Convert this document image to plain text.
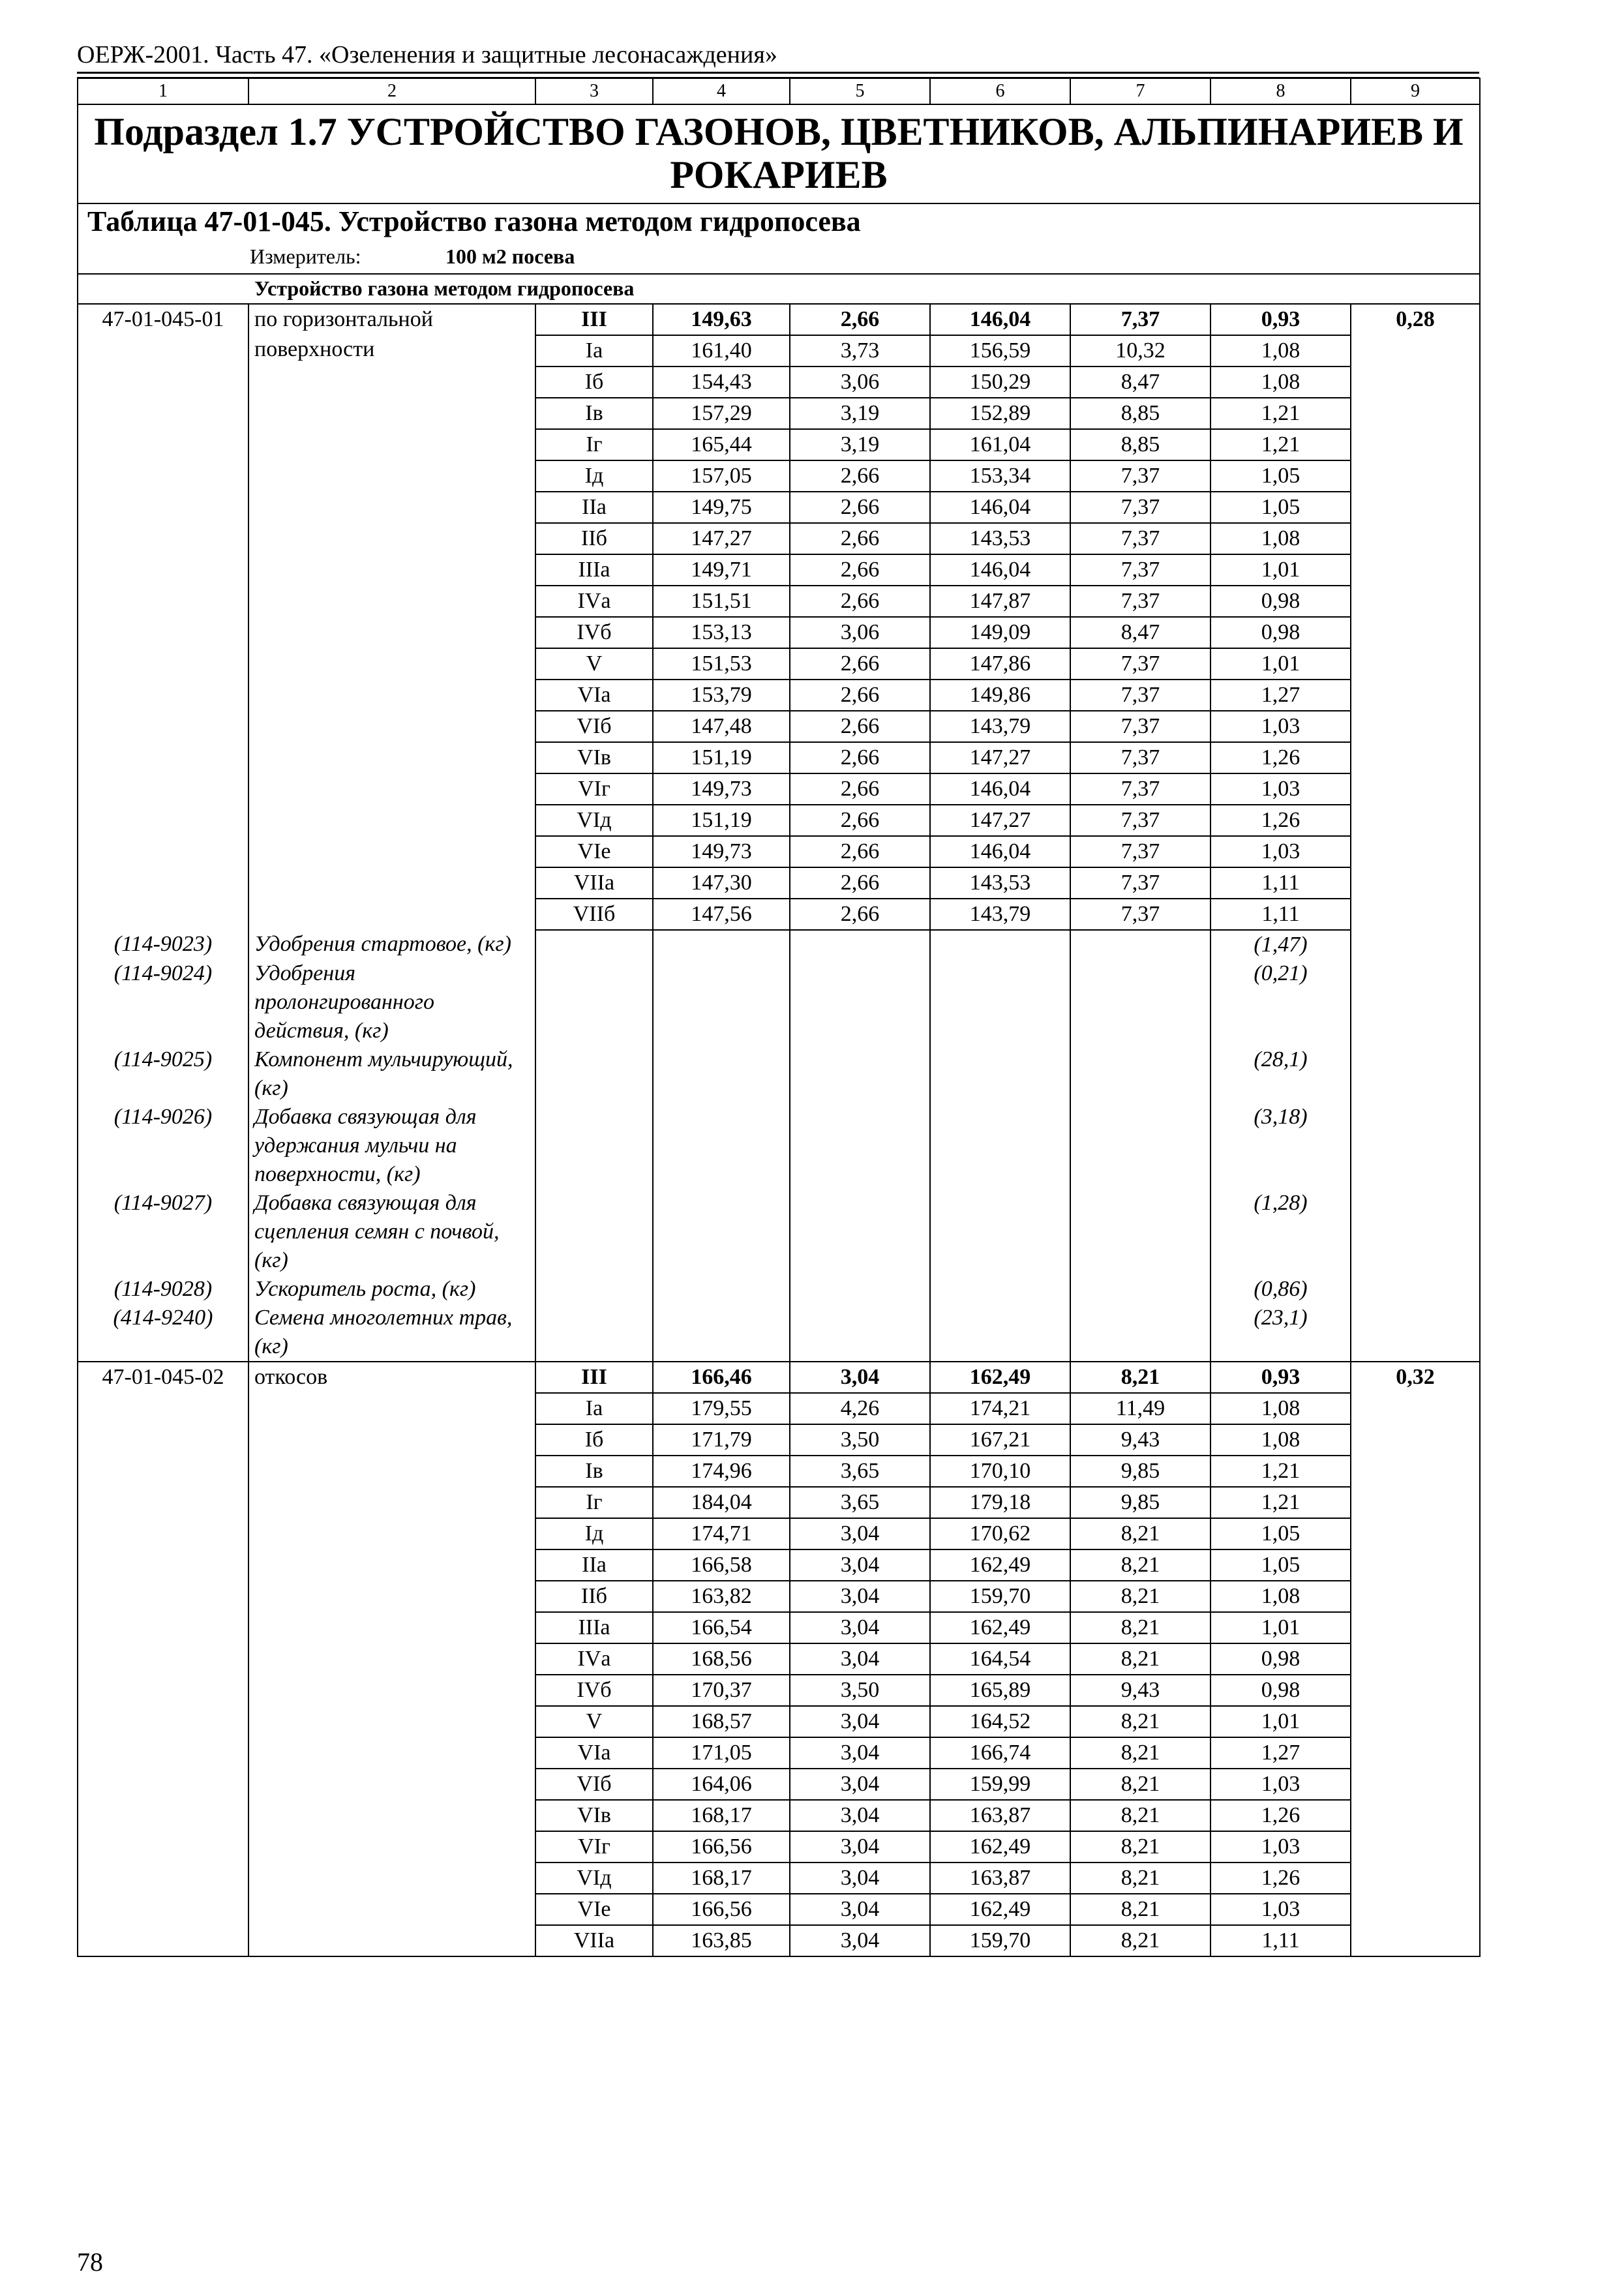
ОЕРЖ-2001. Часть 47. «Озеленения и защитные лесонасаждения»
1	2	3	4	5	6	7	8	9
Подраздел 1.7 УСТРОЙСТВО ГАЗОНОВ, ЦВЕТНИКОВ, АЛЬПИНАРИЕВ И РОКАРИЕВ								
Таблица 47-01-045. Устройство газона методом гидропосева								
Измеритель: 100 м2 посева								
Устройство газона методом гидропосева								
47-01-045-01	по горизонтальной поверхности	III	149,63	2,66	146,04	7,37	0,93	0,28
		Iа	161,40	3,73	156,59	10,32	1,08	
		Iб	154,43	3,06	150,29	8,47	1,08	
		Iв	157,29	3,19	152,89	8,85	1,21	
		Iг	165,44	3,19	161,04	8,85	1,21	
		Iд	157,05	2,66	153,34	7,37	1,05	
		IIа	149,75	2,66	146,04	7,37	1,05	
		IIб	147,27	2,66	143,53	7,37	1,08	
		IIIа	149,71	2,66	146,04	7,37	1,01	
		IVа	151,51	2,66	147,87	7,37	0,98	
		IVб	153,13	3,06	149,09	8,47	0,98	
		V	151,53	2,66	147,86	7,37	1,01	
		VIа	153,79	2,66	149,86	7,37	1,27	
		VIб	147,48	2,66	143,79	7,37	1,03	
		VIв	151,19	2,66	147,27	7,37	1,26	
		VIг	149,73	2,66	146,04	7,37	1,03	
		VIд	151,19	2,66	147,27	7,37	1,26	
		VIе	149,73	2,66	146,04	7,37	1,03	
		VIIа	147,30	2,66	143,53	7,37	1,11	
		VIIб	147,56	2,66	143,79	7,37	1,11	
(114-9023)	Удобрения стартовое, (кг)						(1,47)	
(114-9024)	Удобрения пролонгированного действия, (кг)						(0,21)	
(114-9025)	Компонент мульчирующий, (кг)						(28,1)	
(114-9026)	Добавка связующая для удержания мульчи на поверхности, (кг)						(3,18)	
(114-9027)	Добавка связующая для сцепления семян с почвой, (кг)						(1,28)	
(114-9028)	Ускоритель роста, (кг)						(0,86)	
(414-9240)	Семена многолетних трав, (кг)						(23,1)	
47-01-045-02	откосов	III	166,46	3,04	162,49	8,21	0,93	0,32
		Iа	179,55	4,26	174,21	11,49	1,08	
		Iб	171,79	3,50	167,21	9,43	1,08	
		Iв	174,96	3,65	170,10	9,85	1,21	
		Iг	184,04	3,65	179,18	9,85	1,21	
		Iд	174,71	3,04	170,62	8,21	1,05	
		IIа	166,58	3,04	162,49	8,21	1,05	
		IIб	163,82	3,04	159,70	8,21	1,08	
		IIIа	166,54	3,04	162,49	8,21	1,01	
		IVа	168,56	3,04	164,54	8,21	0,98	
		IVб	170,37	3,50	165,89	9,43	0,98	
		V	168,57	3,04	164,52	8,21	1,01	
		VIа	171,05	3,04	166,74	8,21	1,27	
		VIб	164,06	3,04	159,99	8,21	1,03	
		VIв	168,17	3,04	163,87	8,21	1,26	
		VIг	166,56	3,04	162,49	8,21	1,03	
		VIд	168,17	3,04	163,87	8,21	1,26	
		VIе	166,56	3,04	162,49	8,21	1,03	
		VIIа	163,85	3,04	159,70	8,21	1,11	
78
